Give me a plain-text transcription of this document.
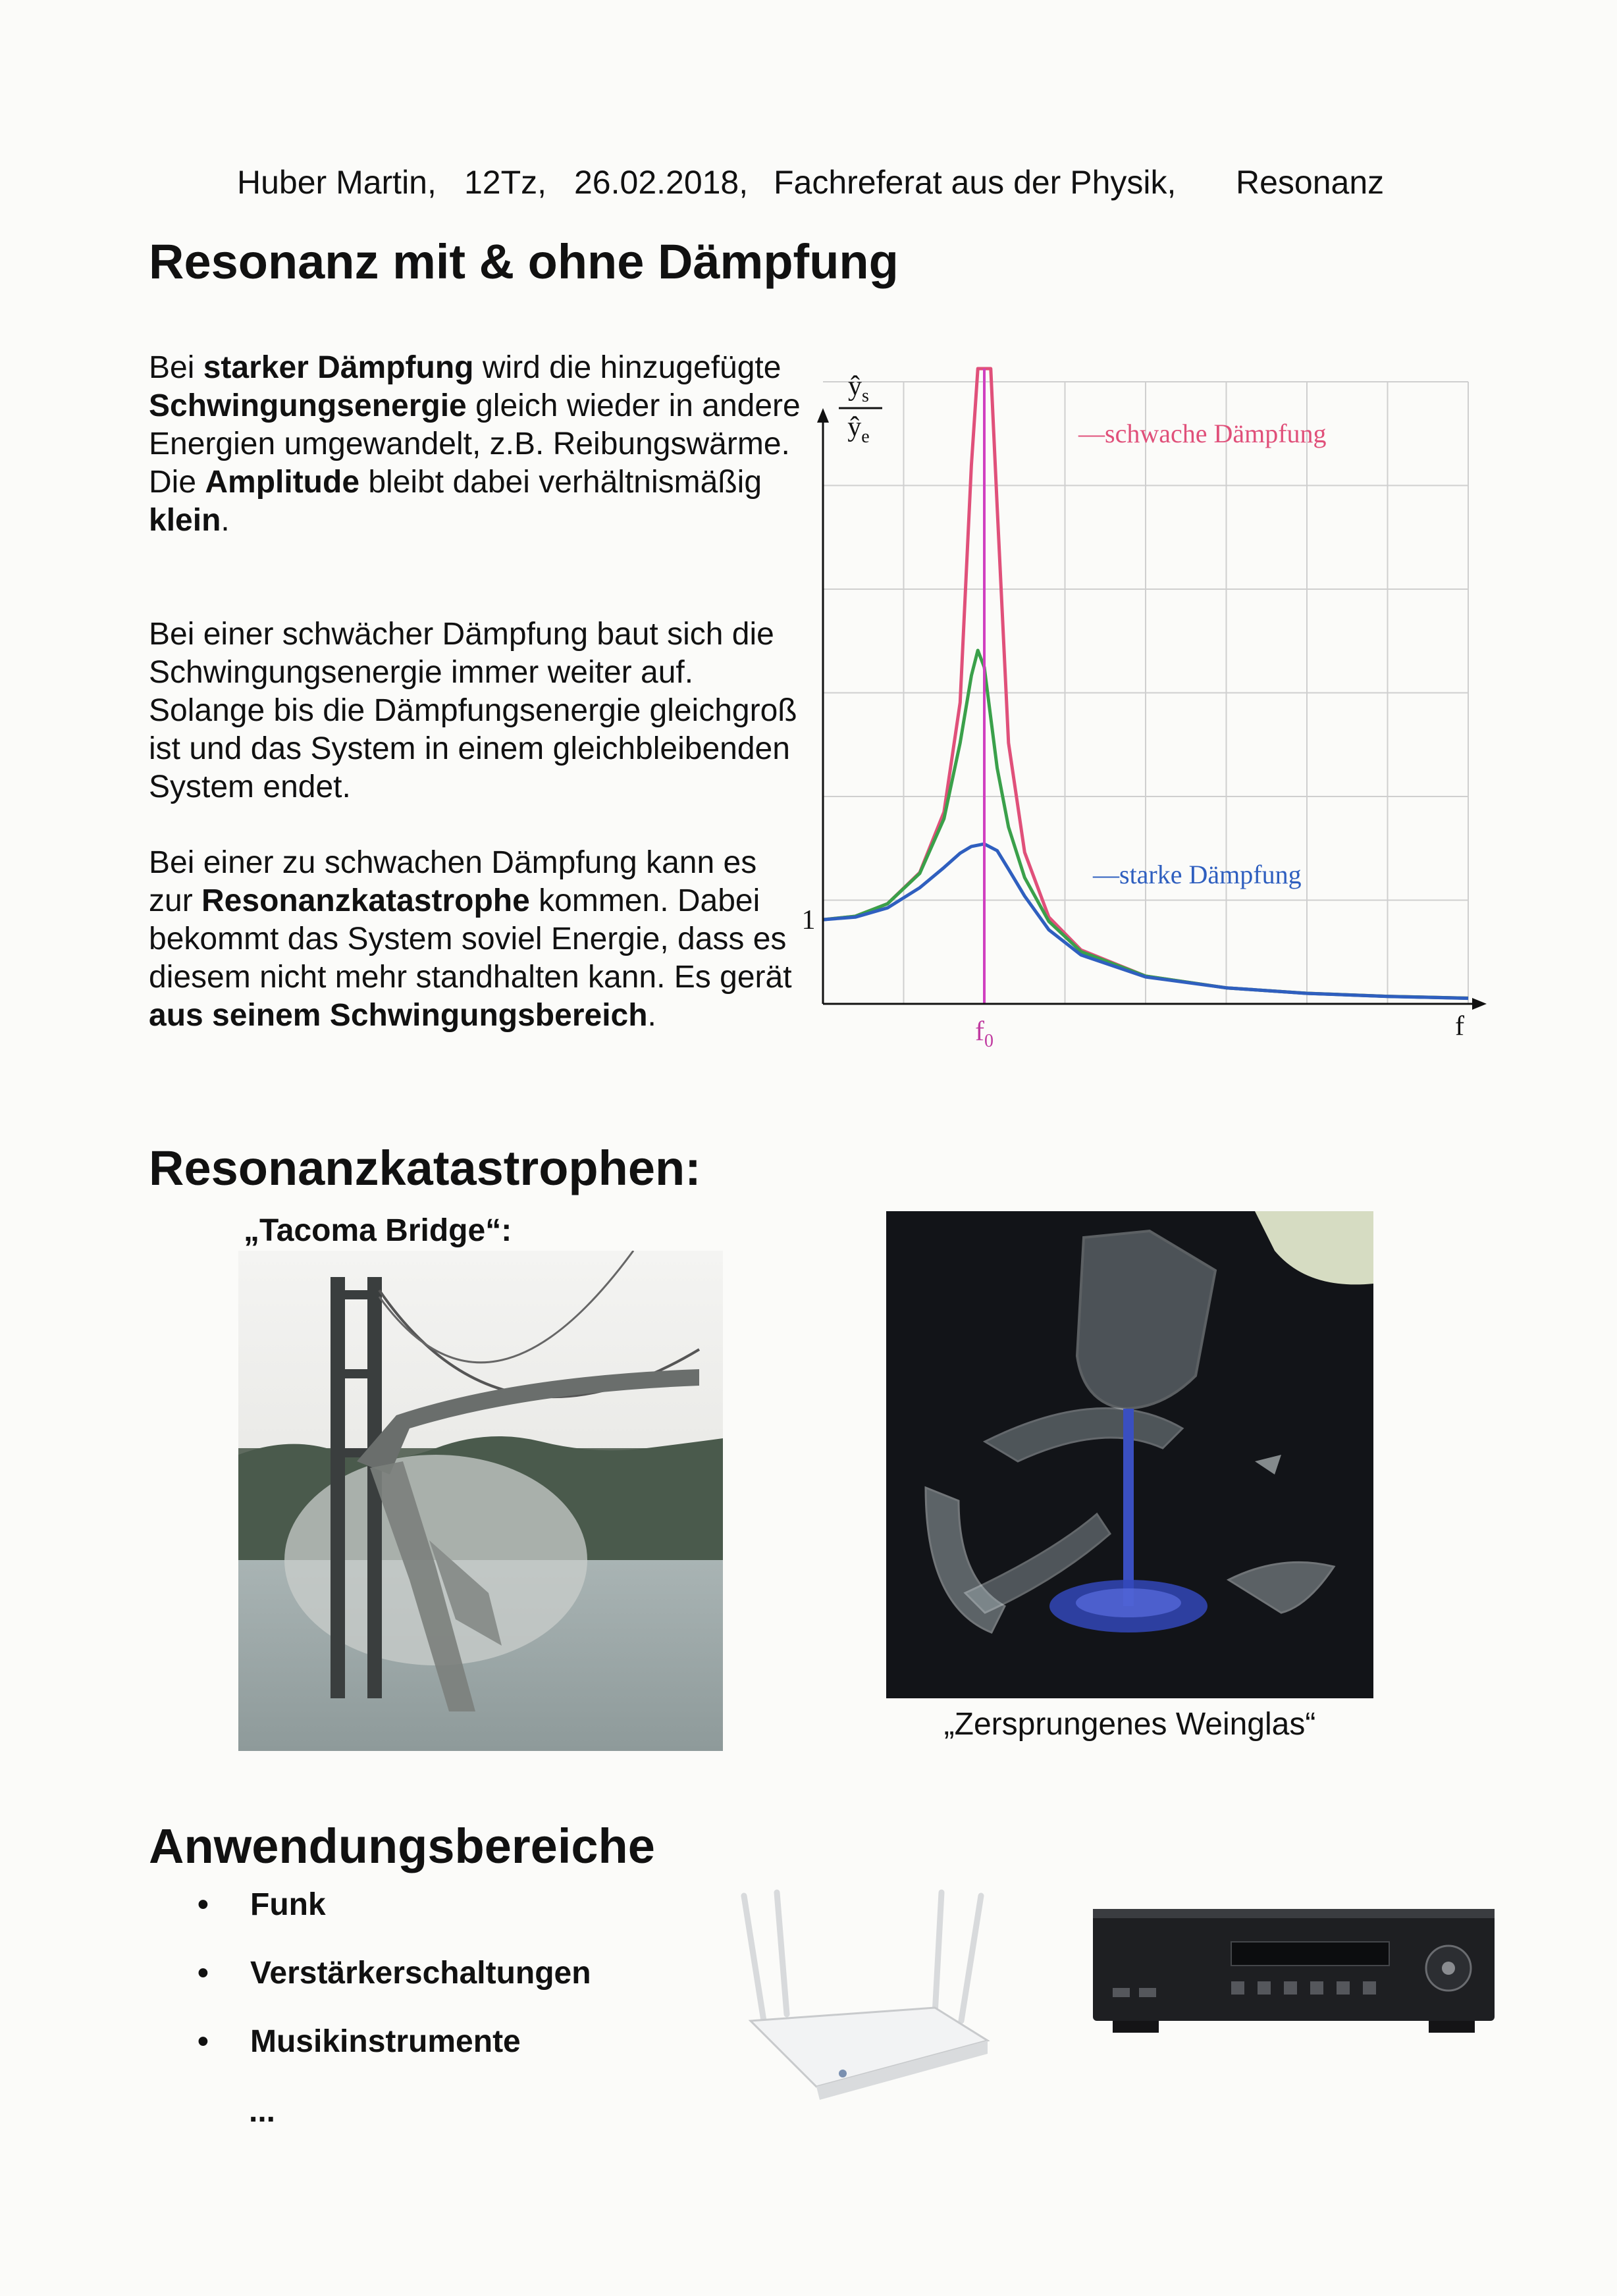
Huber Martin, 12Tz, 26.02.2018, Fachreferat aus der Physik, Resonanz
Resonanz mit & ohne Dämpfung

Bei starker Dämpfung wird die hinzugefügte Schwingungsenergie gleich wieder in andere Energien umgewandelt, z.B. Reibungswärme. Die Amplitude bleibt dabei verhältnismäßig klein.

Bei einer schwächer Dämpfung baut sich die Schwingungsenergie immer weiter auf. Solange bis die Dämpfungsenergie gleichgroß ist und das System in einem gleichbleibenden System endet.

Bei einer zu schwachen Dämpfung kann es zur Resonanzkatastrophe kommen. Dabei bekommt das System soviel Energie, dass es diesem nicht mehr standhalten kann. Es gerät aus seinem Schwingungsbereich.

$ŷ_s$
$ŷ_e$
f
$f_0$
1
—schwache Dämpfung
—starke Dämpfung
Resonanzkatastrophen:
„Tacoma Bridge“:
„Zersprungenes Weinglas“
Anwendungsbereiche
• Funk
• Verstärkerschaltungen
• Musikinstrumente
...
